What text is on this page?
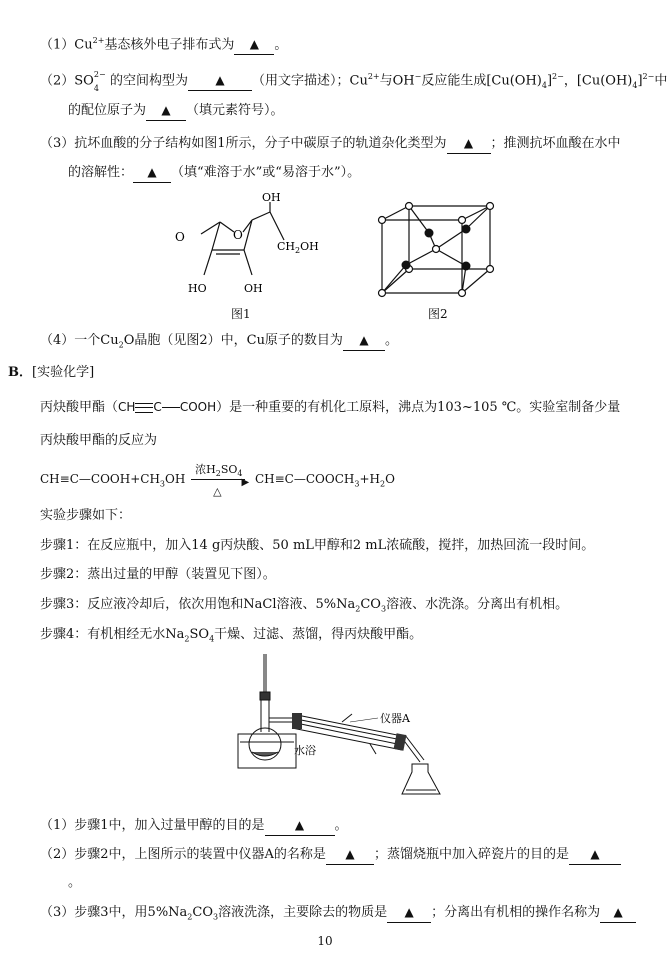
$(1)Cu^{2+}$基态核外电子排布式为 ▲ 。
（2）SO 2−
4
的空间构型为 ▲ （用文字描述）；$Cu^{2+}$与OH−反应能生成$[Cu(OH)_4]^{2-}$，$[Cu(OH)_4]^{2-}$中
的配位原子为 ▲ （填元素符号）。
（3）抗坏血酸的分子结构如图1所示，分子中碳原子的轨道杂化类型为 ▲ ；推测抗坏血酸在水中
的溶解性： ▲ （填“难溶于水”或“易溶于水”）。
O	O
OH
$CH_2OH$
HO	OH
图1	图2
（4）一个$Cu_2O$晶胞（见图2）中，Cu原子的数目为 ▲ 。
B．[实验化学]
丙炔酸甲酯（CH C COOH）是一种重要的有机化工原料，沸点为103~105 ℃。实验室制备少量
丙炔酸甲酯的反应为
$CH\equiv C—COOH+CH_3OH$
浓$H_2SO_4$
▶
△
$CH\equiv C—COOCH_3+H_2O$
实验步骤如下：
步骤1：在反应瓶中，加入14 g丙炔酸、50 mL甲醇和2 mL浓硫酸，搅拌，加热回流一段时间。
步骤2：蒸出过量的甲醇（装置见下图）。
步骤3：反应液冷却后，依次用饱和NaCl溶液、$5\%Na_2CO_3$溶液、水洗涤。分离出有机相。
步骤4：有机相经无水$Na_2SO_4$干燥、过滤、蒸馏，得丙炔酸甲酯。
仪器A
水浴
（1）步骤1中，加入过量甲醇的目的是	▲ 。
（2）步骤2中，上图所示的装置中仪器A的名称是 ▲ ；蒸馏烧瓶中加入碎瓷片的目的是 ▲
。
（3）步骤3中，用$5\%Na_2CO_3$溶液洗涤，主要除去的物质是 ▲ ；分离出有机相的操作名称为 ▲
10
